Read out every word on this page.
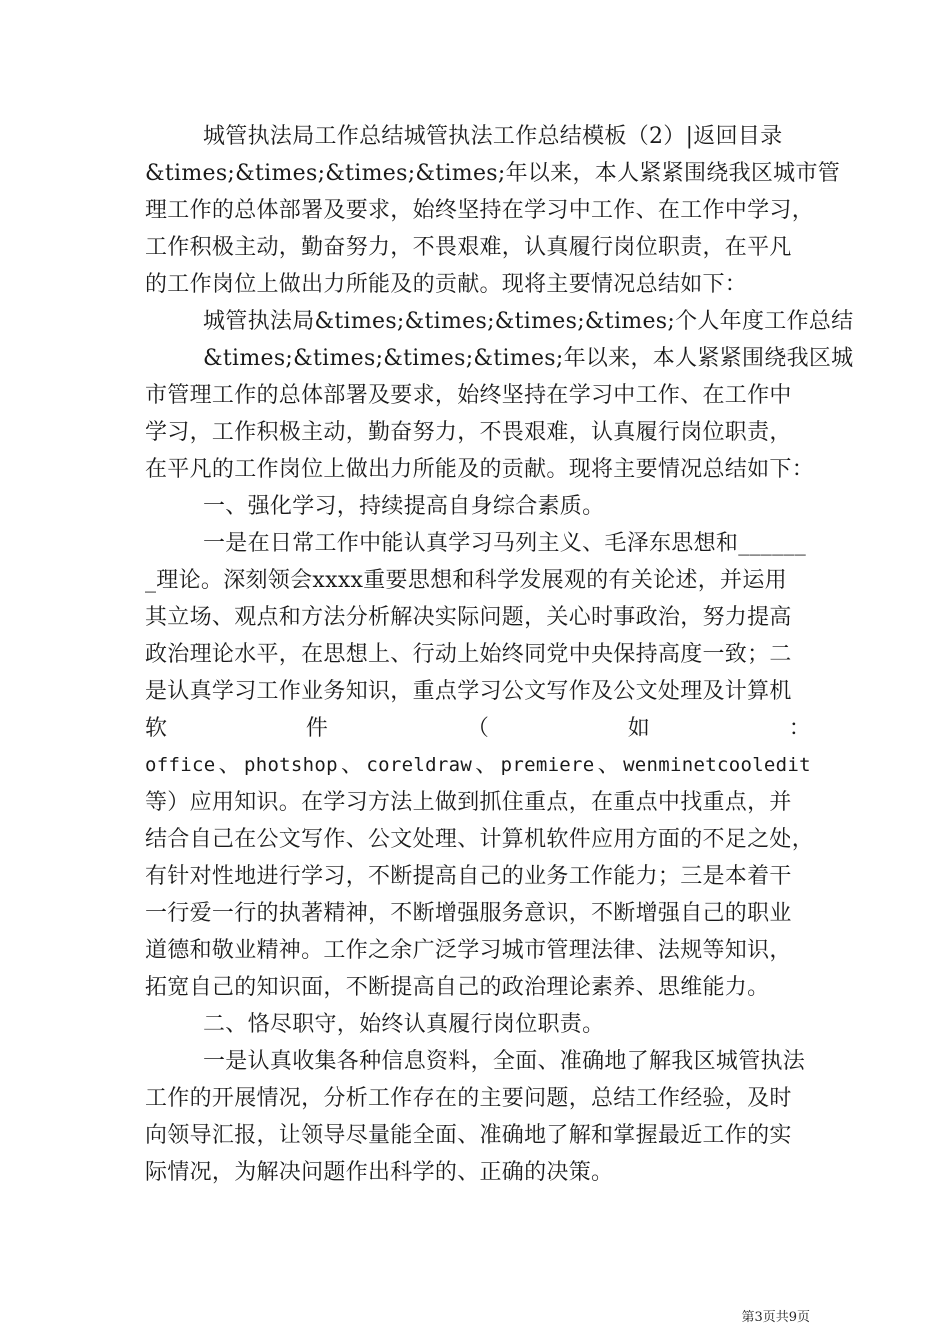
城管执法局工作总结城管执法工作总结模板（2）|返回目录
&times;&times;&times;&times;年以来，本人紧紧围绕我区城市管
理工作的总体部署及要求，始终坚持在学习中工作、在工作中学习，
工作积极主动，勤奋努力，不畏艰难，认真履行岗位职责，在平凡
的工作岗位上做出力所能及的贡献。现将主要情况总结如下：
城管执法局&times;&times;&times;&times;个人年度工作总结
&times;&times;&times;&times;年以来，本人紧紧围绕我区城
市管理工作的总体部署及要求，始终坚持在学习中工作、在工作中
学习，工作积极主动，勤奋努力，不畏艰难，认真履行岗位职责，
在平凡的工作岗位上做出力所能及的贡献。现将主要情况总结如下：
一、强化学习，持续提高自身综合素质。
一是在日常工作中能认真学习马列主义、毛泽东思想和______
_理论。深刻领会xxxx重要思想和科学发展观的有关论述，并运用
其立场、观点和方法分析解决实际问题，关心时事政治，努力提高
政治理论水平，在思想上、行动上始终同党中央保持高度一致；二
是认真学习工作业务知识，重点学习公文写作及公文处理及计算机
软	件	（	如	：
office 、 photshop 、 coreldraw 、 premiere 、 wenminetcooledit
等）应用知识。在学习方法上做到抓住重点，在重点中找重点，并
结合自己在公文写作、公文处理、计算机软件应用方面的不足之处，
有针对性地进行学习，不断提高自己的业务工作能力；三是本着干
一行爱一行的执著精神，不断增强服务意识，不断增强自己的职业
道德和敬业精神。工作之余广泛学习城市管理法律、法规等知识，
拓宽自己的知识面，不断提高自己的政治理论素养、思维能力。
二、恪尽职守，始终认真履行岗位职责。
一是认真收集各种信息资料，全面、准确地了解我区城管执法
工作的开展情况，分析工作存在的主要问题，总结工作经验，及时
向领导汇报，让领导尽量能全面、准确地了解和掌握最近工作的实
际情况，为解决问题作出科学的、正确的决策。
第3页共9页
